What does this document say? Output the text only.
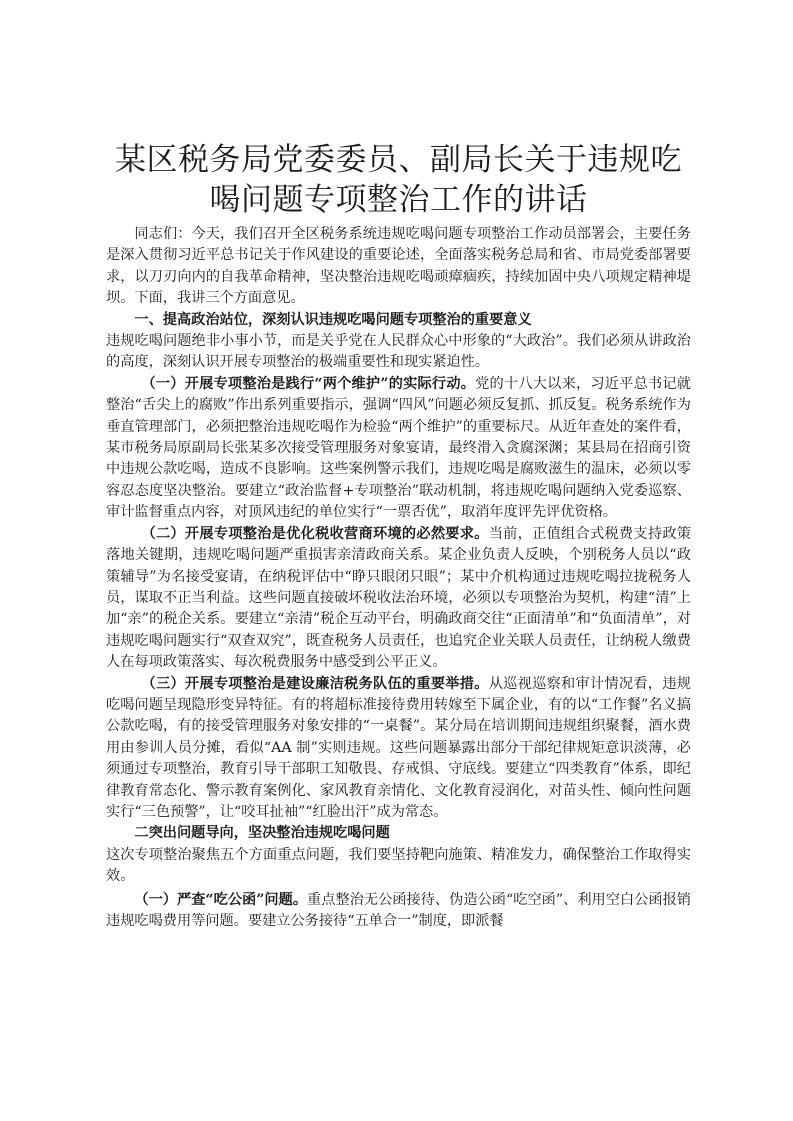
某区税务局党委委员、副局长关于违规吃喝问题专项整治工作的讲话

同志们：今天，我们召开全区税务系统违规吃喝问题专项整治工作动员部署会，主要任务是深入贯彻习近平总书记关于作风建设的重要论述，全面落实税务总局和省、市局党委部署要求，以刀刃向内的自我革命精神，坚决整治违规吃喝顽瘴痼疾，持续加固中央八项规定精神堤坝。下面，我讲三个方面意见。

一、提高政治站位，深刻认识违规吃喝问题专项整治的重要意义

违规吃喝问题绝非小事小节，而是关乎党在人民群众心中形象的“大政治”。我们必须从讲政治的高度，深刻认识开展专项整治的极端重要性和现实紧迫性。

（一）开展专项整治是践行“两个维护”的实际行动。党的十八大以来，习近平总书记就整治“舌尖上的腐败”作出系列重要指示，强调“四风”问题必须反复抓、抓反复。税务系统作为垂直管理部门，必须把整治违规吃喝作为检验“两个维护”的重要标尺。从近年查处的案件看，某市税务局原副局长张某多次接受管理服务对象宴请，最终滑入贪腐深渊；某县局在招商引资中违规公款吃喝，造成不良影响。这些案例警示我们，违规吃喝是腐败滋生的温床，必须以零容忍态度坚决整治。要建立“政治监督+专项整治”联动机制，将违规吃喝问题纳入党委巡察、审计监督重点内容，对顶风违纪的单位实行“一票否优”，取消年度评先评优资格。

（二）开展专项整治是优化税收营商环境的必然要求。当前，正值组合式税费支持政策落地关键期，违规吃喝问题严重损害亲清政商关系。某企业负责人反映，个别税务人员以“政策辅导”为名接受宴请，在纳税评估中“睁只眼闭只眼”；某中介机构通过违规吃喝拉拢税务人员，谋取不正当利益。这些问题直接破坏税收法治环境，必须以专项整治为契机，构建“清”上加“亲”的税企关系。要建立“亲清”税企互动平台，明确政商交往“正面清单”和“负面清单”，对违规吃喝问题实行“双查双究”，既查税务人员责任，也追究企业关联人员责任，让纳税人缴费人在每项政策落实、每次税费服务中感受到公平正义。

（三）开展专项整治是建设廉洁税务队伍的重要举措。从巡视巡察和审计情况看，违规吃喝问题呈现隐形变异特征。有的将超标准接待费用转嫁至下属企业，有的以“工作餐”名义搞公款吃喝，有的接受管理服务对象安排的“一桌餐”。某分局在培训期间违规组织聚餐，酒水费用由参训人员分摊，看似“AA 制”实则违规。这些问题暴露出部分干部纪律规矩意识淡薄，必须通过专项整治，教育引导干部职工知敬畏、存戒惧、守底线。要建立“四类教育”体系，即纪律教育常态化、警示教育案例化、家风教育亲情化、文化教育浸润化，对苗头性、倾向性问题实行“三色预警”，让“咬耳扯袖”“红脸出汗”成为常态。

二突出问题导向，坚决整治违规吃喝问题

这次专项整治聚焦五个方面重点问题，我们要坚持靶向施策、精准发力，确保整治工作取得实效。

（一）严查“吃公函”问题。重点整治无公函接待、伪造公函“吃空函”、利用空白公函报销违规吃喝费用等问题。要建立公务接待“五单合一”制度，即派餐
